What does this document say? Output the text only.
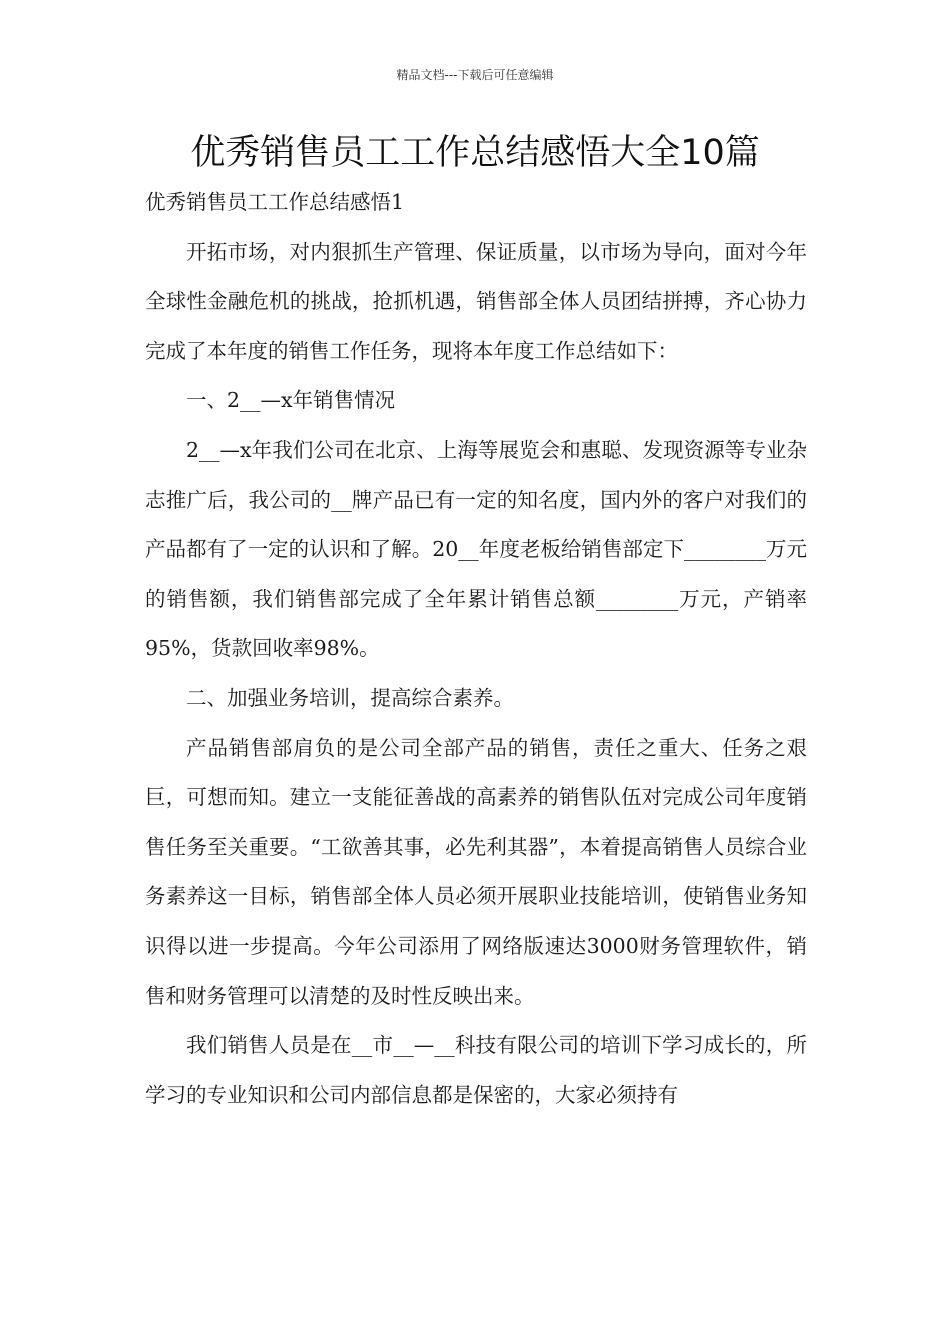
精品文档---下载后可任意编辑
优秀销售员工工作总结感悟大全10篇

优秀销售员工工作总结感悟1

开拓市场，对内狠抓生产管理、保证质量，以市场为导向，面对今年全球性金融危机的挑战，抢抓机遇，销售部全体人员团结拼搏，齐心协力完成了本年度的销售工作任务，现将本年度工作总结如下：

一、2__—x年销售情况

2__—x年我们公司在北京、上海等展览会和惠聪、发现资源等专业杂志推广后，我公司的__牌产品已有一定的知名度，国内外的客户对我们的产品都有了一定的认识和了解。20__年度老板给销售部定下________万元的销售额，我们销售部完成了全年累计销售总额________万元，产销率95%，货款回收率98%。

二、加强业务培训，提高综合素养。

产品销售部肩负的是公司全部产品的销售，责任之重大、任务之艰巨，可想而知。建立一支能征善战的高素养的销售队伍对完成公司年度销售任务至关重要。“工欲善其事，必先利其器”，本着提高销售人员综合业务素养这一目标，销售部全体人员必须开展职业技能培训，使销售业务知识得以进一步提高。今年公司添用了网络版速达3000财务管理软件，销售和财务管理可以清楚的及时性反映出来。

我们销售人员是在__市__—__科技有限公司的培训下学习成长的，所学习的专业知识和公司内部信息都是保密的，大家必须持有
